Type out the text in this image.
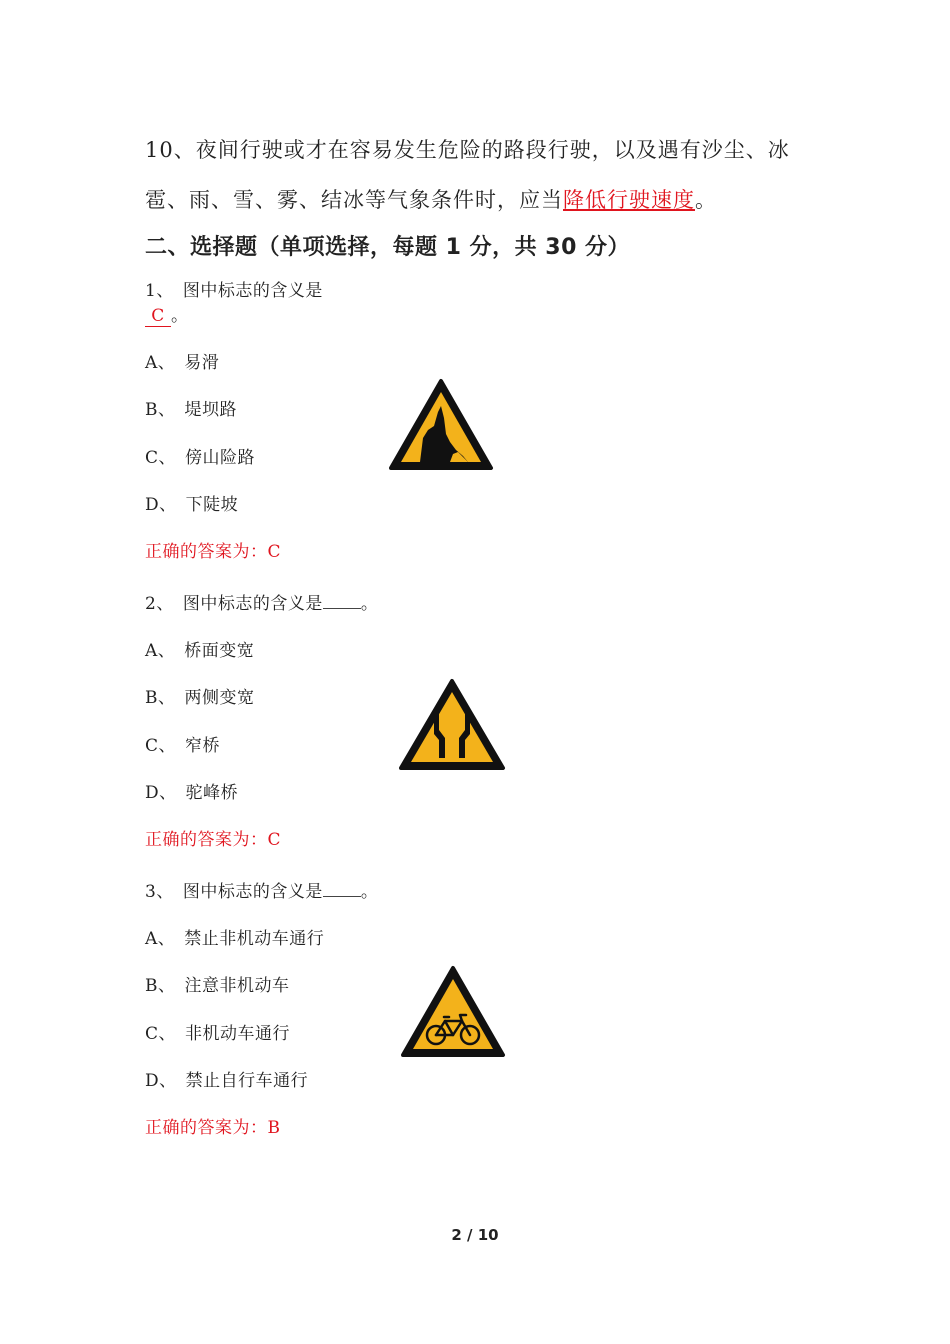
10、夜间行驶或才在容易发生危险的路段行驶，以及遇有沙尘、冰
雹、雨、雪、雾、结冰等气象条件时，应当降低行驶速度。
二、选择题（单项选择，每题 1 分，共 30 分）
1、　图中标志的含义是
C 。
A、　易滑
B、　堤坝路
C、　傍山险路
D、　下陡坡
正确的答案为：C
2、　图中标志的含义是 。
A、　桥面变宽
B、　两侧变宽
C、　窄桥
D、　驼峰桥
正确的答案为：C
3、　图中标志的含义是 。
A、　禁止非机动车通行
B、　注意非机动车
C、　非机动车通行
D、　禁止自行车通行
正确的答案为：B
2 / 10
